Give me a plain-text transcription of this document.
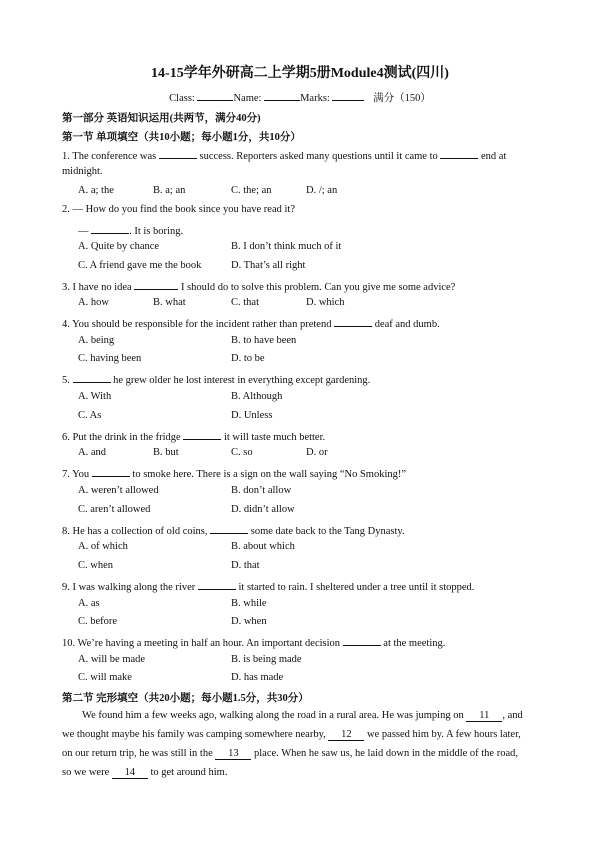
14-15学年外研高二上学期5册Module4测试(四川)
Class:	Name:	Marks:	满分（150）
第一部分 英语知识运用(共两节，满分40分)
第一节 单项填空（共10小题；每小题1分，共10分）
1. The conference was	success. Reporters asked many questions until it came to	end at
midnight.
A. a; the	B. a; an	C. the; an	D. /; an
2. — How do you find the book since you have read it?
—	. It is boring.
A. Quite by chance	B. I don’t think much of it
C. A friend gave me the book	D. That’s all right
3. I have no idea	I should do to solve this problem. Can you give me some advice?
A. how	B. what	C. that	D. which
4. You should be responsible for the incident rather than pretend	deaf and dumb.
A. being	B. to have been
C. having been	D. to be
5.	he grew older he lost interest in everything except gardening.
A. With	B. Although
C. As	D. Unless
6. Put the drink in the fridge	it will taste much better.
A. and	B. but	C. so	D. or
7. You	to smoke here. There is a sign on the wall saying “No Smoking!”
A. weren’t allowed	B. don’t allow
C. aren’t allowed	D. didn’t allow
8. He has a collection of old coins,	some date back to the Tang Dynasty.
A. of which	B. about which
C. when	D. that
9. I was walking along the river	it started to rain. I sheltered under a tree until it stopped.
A. as	B. while
C. before	D. when
10. We’re having a meeting in half an hour. An important decision	at the meeting.
A. will be made	B. is being made
C. will make	D. has made
第二节 完形填空（共20小题；每小题1.5分，共30分）
We found him a few weeks ago, walking along the road in a rural area. He was jumping on 11 , and
we thought maybe his family was camping somewhere nearby, 12 we passed him by. A few hours later,
on our return trip, he was still in the 13 place. When he saw us, he laid down in the middle of the road,
so we were 14 to get around him.
